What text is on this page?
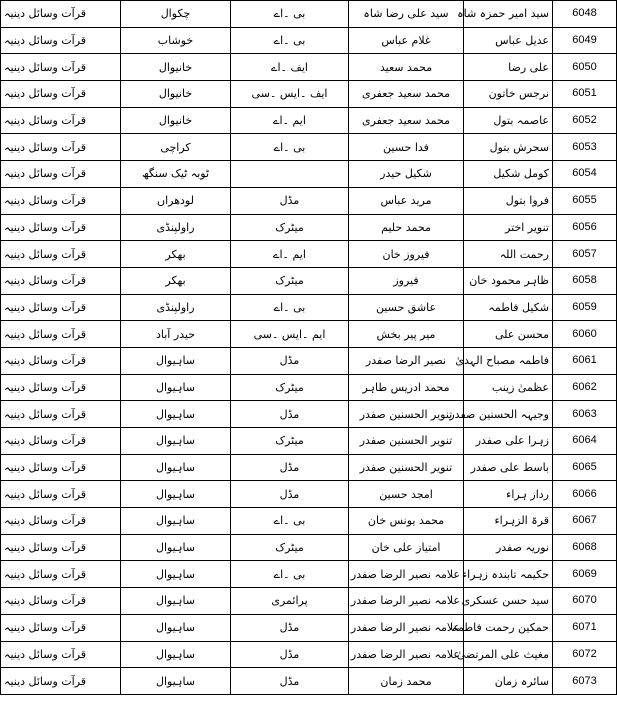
قرآت وسائل دینیہ	چکوال	بی ۔اے	سید علی رضا شاہ	سید امیر حمزہ شاہ	6048
قرآت وسائل دینیہ	خوشاب	بی ۔اے	غلام عباس	عدیل عباس	6049
قرآت وسائل دینیہ	خانیوال	ایف ۔اے	محمد سعید	علی رضا	6050
قرآت وسائل دینیہ	خانیوال	ایف ۔ایس ۔سی	محمد سعید جعفری	نرجس خاتون	6051
قرآت وسائل دینیہ	خانیوال	ایم ۔اے	محمد سعید جعفری	عاصمہ بتول	6052
قرآت وسائل دینیہ	کراچی	بی ۔اے	فدا حسین	سحرش بتول	6053
قرآت وسائل دینیہ	ٹوبہ ٹیک سنگھ		شکیل حیدر	کومل شکیل	6054
قرآت وسائل دینیہ	لودھراں	مڈل	مرید عباس	فروا بتول	6055
قرآت وسائل دینیہ	راولپنڈی	میٹرک	محمد حلیم	تنویر اختر	6056
قرآت وسائل دینیہ	بھکر	ایم ۔اے	فیروز خان	رحمت اللہ	6057
قرآت وسائل دینیہ	بھکر	میٹرک	فیروز	ظاہر محمود خان	6058
قرآت وسائل دینیہ	راولپنڈی	بی ۔اے	عاشق حسین	شکیل فاطمہ	6059
قرآت وسائل دینیہ	حیدر آباد	ایم ۔ایس ۔سی	میر پیر بخش	محسن علی	6060
قرآت وسائل دینیہ	ساہیوال	مڈل	نصیر الرضا صفدر	فاطمہ مصباح الہدیٰ	6061
قرآت وسائل دینیہ	ساہیوال	میٹرک	محمد ادریس طاہر	عظمیٰ زینب	6062
قرآت وسائل دینیہ	ساہیوال	مڈل	تنویر الحسنین صفدر	وجیہہ الحسنین صفدر	6063
قرآت وسائل دینیہ	ساہیوال	میٹرک	تنویر الحسنین صفدر	زہرا علی صفدر	6064
قرآت وسائل دینیہ	ساہیوال	مڈل	تنویر الحسنین صفدر	باسط علی صفدر	6065
قرآت وسائل دینیہ	ساہیوال	مڈل	امجد حسین	رداز ہراء	6066
قرآت وسائل دینیہ	ساہیوال	بی ۔اے	محمد یونس خان	قرۃ الزہراء	6067
قرآت وسائل دینیہ	ساہیوال	میٹرک	امتیاز علی خان	نوریہ صفدر	6068
قرآت وسائل دینیہ	ساہیوال	بی ۔اے	علامہ نصیر الرضا صفدر	حکیمہ تابندہ زہراء	6069
قرآت وسائل دینیہ	ساہیوال	پرائمری	علامہ نصیر الرضا صفدر	سید حسن عسکری	6070
قرآت وسائل دینیہ	ساہیوال	مڈل	علامہ نصیر الرضا صفدر	حمکین رحمت فاطمہ	6071
قرآت وسائل دینیہ	ساہیوال	مڈل	علامہ نصیر الرضا صفدر	مغیث علی المرتضیٰ	6072
قرآت وسائل دینیہ	ساہیوال	مڈل	محمد زمان	سائرہ زمان	6073
